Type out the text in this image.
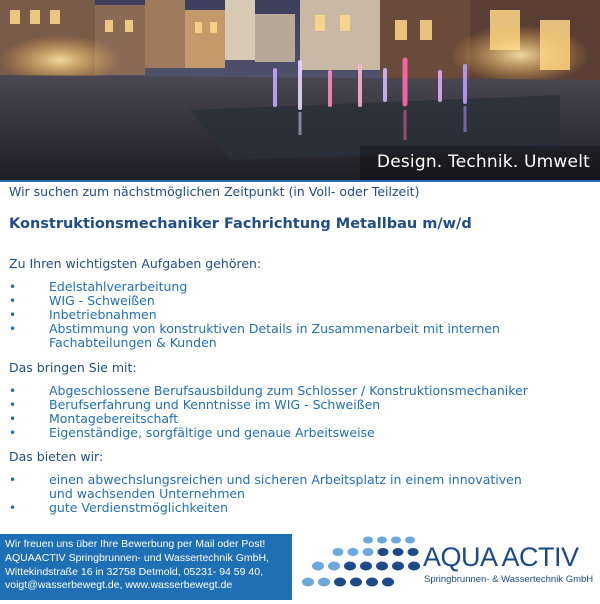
Design. Technik. Umwelt

Wir suchen zum nächstmöglichen Zeitpunkt (in Voll- oder Teilzeit)

Konstruktionsmechaniker Fachrichtung Metallbau m/w/d

Zu Ihren wichtigsten Aufgaben gehören:

•	Edelstahlverarbeitung
•	WIG - Schweißen
•	Inbetriebnahmen
•	Abstimmung von konstruktiven Details in Zusammenarbeit mit internen
Fachabteilungen & Kunden

Das bringen Sie mit:

•	Abgeschlossene Berufsausbildung zum Schlosser / Konstruktionsmechaniker
•	Berufserfahrung und Kenntnisse im WIG - Schweißen
•	Montagebereitschaft
•	Eigenständige, sorgfältige und genaue Arbeitsweise

Das bieten wir:

•	einen abwechslungsreichen und sicheren Arbeitsplatz in einem innovativen
und wachsenden Unternehmen
•	gute Verdienstmöglichkeiten
Wir freuen uns über Ihre Bewerbung per Mail oder Post!
AQUAACTIV Springbrunnen- und Wassertechnik GmbH,
Wittekindstraße 16 in 32758 Detmold, 05231- 94 59 40,
voigt@wasserbewegt.de, www.wasserbewegt.de
AQUA ACTIV
Springbrunnen- & Wassertechnik GmbH
